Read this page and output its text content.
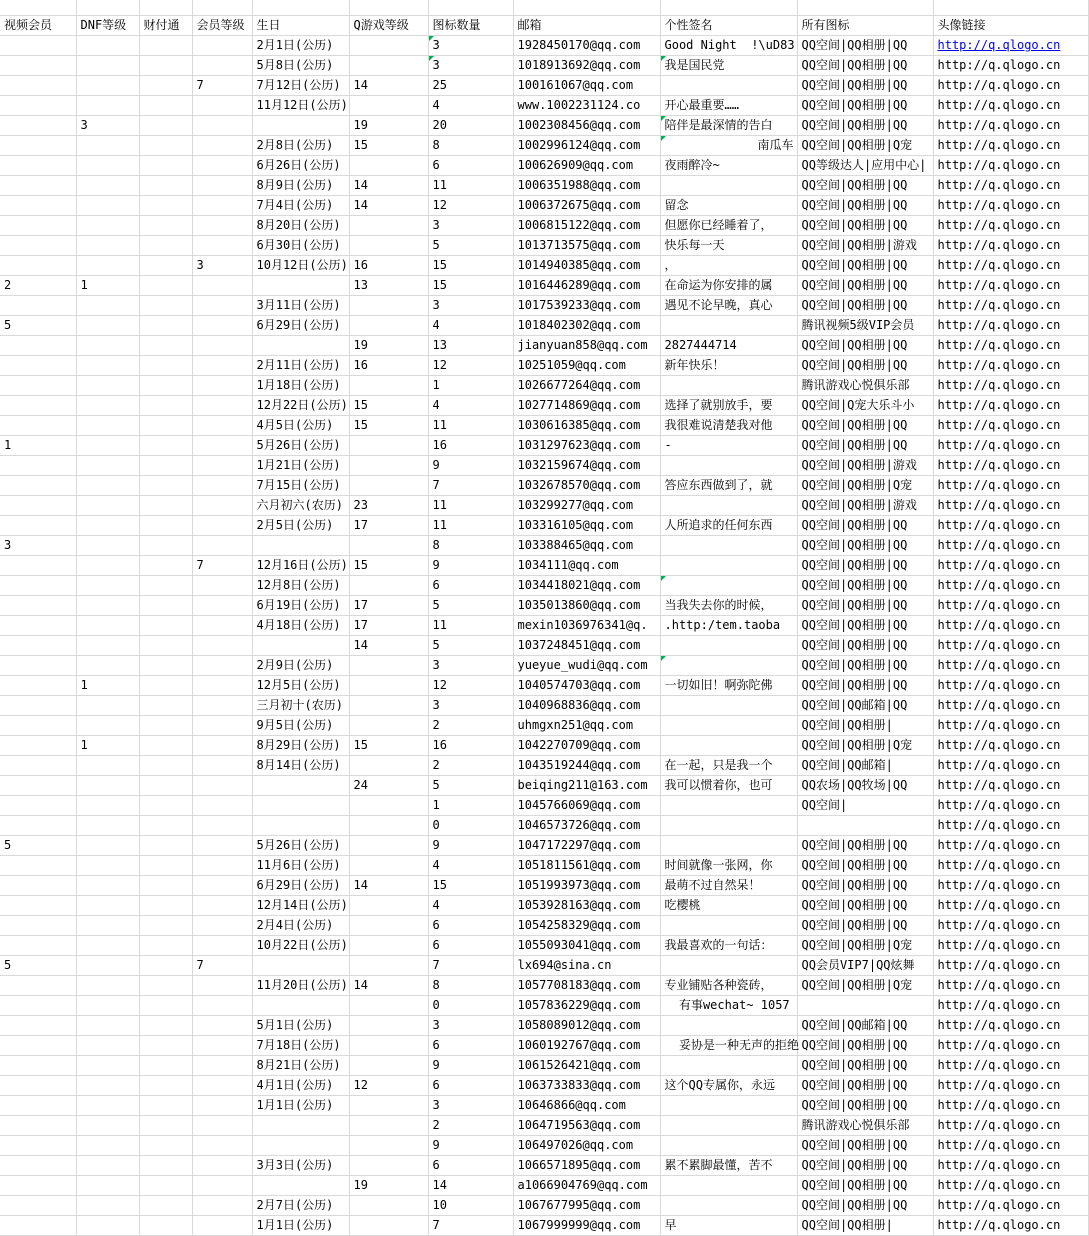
视频会员	DNF等级	财付通	会员等级	生日	Q游戏等级	图标数量	邮箱	个性签名	所有图标	头像链接
				2月1日(公历)		3	1928450170@qq.com	Good Night  !\uD83	QQ空间|QQ相册|QQ	http://q.qlogo.cn
				5月8日(公历)		3	1018913692@qq.com	我是国民党	QQ空间|QQ相册|QQ	http://q.qlogo.cn
			7	7月12日(公历)	14	25	100161067@qq.com		QQ空间|QQ相册|QQ	http://q.qlogo.cn
				11月12日(公历)		4	www.1002231124.co	开心最重要……	QQ空间|QQ相册|QQ	http://q.qlogo.cn
	3				19	20	1002308456@qq.com	陪伴是最深情的告白	QQ空间|QQ相册|QQ	http://q.qlogo.cn
				2月8日(公历)	15	8	1002996124@qq.com	南瓜车	QQ空间|QQ相册|Q宠	http://q.qlogo.cn
				6月26日(公历)		6	100626909@qq.com	夜雨醉冷~	QQ等级达人|应用中心|	http://q.qlogo.cn
				8月9日(公历)	14	11	1006351988@qq.com		QQ空间|QQ相册|QQ	http://q.qlogo.cn
				7月4日(公历)	14	12	1006372675@qq.com	留念	QQ空间|QQ相册|QQ	http://q.qlogo.cn
				8月20日(公历)		3	1006815122@qq.com	但愿你已经睡着了，	QQ空间|QQ相册|QQ	http://q.qlogo.cn
				6月30日(公历)		5	1013713575@qq.com	快乐每一天	QQ空间|QQ相册|游戏	http://q.qlogo.cn
			3	10月12日(公历)	16	15	1014940385@qq.com	，	QQ空间|QQ相册|QQ	http://q.qlogo.cn
2	1				13	15	1016446289@qq.com	在命运为你安排的属	QQ空间|QQ相册|QQ	http://q.qlogo.cn
				3月11日(公历)		3	1017539233@qq.com	遇见不论早晚，真心	QQ空间|QQ相册|QQ	http://q.qlogo.cn
5				6月29日(公历)		4	1018402302@qq.com		腾讯视频5级VIP会员	http://q.qlogo.cn
					19	13	jianyuan858@qq.com	2827444714	QQ空间|QQ相册|QQ	http://q.qlogo.cn
				2月11日(公历)	16	12	10251059@qq.com	新年快乐！	QQ空间|QQ相册|QQ	http://q.qlogo.cn
				1月18日(公历)		1	1026677264@qq.com		腾讯游戏心悦俱乐部	http://q.qlogo.cn
				12月22日(公历)	15	4	1027714869@qq.com	选择了就别放手，要	QQ空间|Q宠大乐斗小	http://q.qlogo.cn
				4月5日(公历)	15	11	1030616385@qq.com	我很难说清楚我对他	QQ空间|QQ相册|QQ	http://q.qlogo.cn
1				5月26日(公历)		16	1031297623@qq.com	-	QQ空间|QQ相册|QQ	http://q.qlogo.cn
				1月21日(公历)		9	1032159674@qq.com		QQ空间|QQ相册|游戏	http://q.qlogo.cn
				7月15日(公历)		7	1032678570@qq.com	答应东西做到了，就	QQ空间|QQ相册|Q宠	http://q.qlogo.cn
				六月初六(农历)	23	11	103299277@qq.com		QQ空间|QQ相册|游戏	http://q.qlogo.cn
				2月5日(公历)	17	11	103316105@qq.com	人所追求的任何东西	QQ空间|QQ相册|QQ	http://q.qlogo.cn
3						8	103388465@qq.com		QQ空间|QQ相册|QQ	http://q.qlogo.cn
			7	12月16日(公历)	15	9	1034111@qq.com		QQ空间|QQ相册|QQ	http://q.qlogo.cn
				12月8日(公历)		6	1034418021@qq.com		QQ空间|QQ相册|QQ	http://q.qlogo.cn
				6月19日(公历)	17	5	1035013860@qq.com	当我失去你的时候，	QQ空间|QQ相册|QQ	http://q.qlogo.cn
				4月18日(公历)	17	11	mexin1036976341@q.	.http:/tem.taoba	QQ空间|QQ相册|QQ	http://q.qlogo.cn
					14	5	1037248451@qq.com		QQ空间|QQ相册|QQ	http://q.qlogo.cn
				2月9日(公历)		3	yueyue_wudi@qq.com		QQ空间|QQ相册|QQ	http://q.qlogo.cn
	1			12月5日(公历)		12	1040574703@qq.com	一切如旧！啊弥陀佛	QQ空间|QQ相册|QQ	http://q.qlogo.cn
				三月初十(农历)		3	1040968836@qq.com		QQ空间|QQ邮箱|QQ	http://q.qlogo.cn
				9月5日(公历)		2	uhmgxn251@qq.com		QQ空间|QQ相册|	http://q.qlogo.cn
	1			8月29日(公历)	15	16	1042270709@qq.com		QQ空间|QQ相册|Q宠	http://q.qlogo.cn
				8月14日(公历)		2	1043519244@qq.com	在一起，只是我一个	QQ空间|QQ邮箱|	http://q.qlogo.cn
					24	5	beiqing211@163.com	我可以惯着你，也可	QQ农场|QQ牧场|QQ	http://q.qlogo.cn
						1	1045766069@qq.com		QQ空间|	http://q.qlogo.cn
						0	1046573726@qq.com			http://q.qlogo.cn
5				5月26日(公历)		9	1047172297@qq.com		QQ空间|QQ相册|QQ	http://q.qlogo.cn
				11月6日(公历)		4	1051811561@qq.com	时间就像一张网，你	QQ空间|QQ相册|QQ	http://q.qlogo.cn
				6月29日(公历)	14	15	1051993973@qq.com	最萌不过自然呆！	QQ空间|QQ相册|QQ	http://q.qlogo.cn
				12月14日(公历)		4	1053928163@qq.com	吃樱桃	QQ空间|QQ相册|QQ	http://q.qlogo.cn
				2月4日(公历)		6	1054258329@qq.com		QQ空间|QQ相册|QQ	http://q.qlogo.cn
				10月22日(公历)		6	1055093041@qq.com	我最喜欢的一句话：	QQ空间|QQ相册|Q宠	http://q.qlogo.cn
5			7			7	lx694@sina.cn		QQ会员VIP7|QQ炫舞	http://q.qlogo.cn
				11月20日(公历)	14	8	1057708183@qq.com	专业铺贴各种瓷砖，	QQ空间|QQ相册|Q宠	http://q.qlogo.cn
						0	1057836229@qq.com	有事wechat~ 1057		http://q.qlogo.cn
				5月1日(公历)		3	1058089012@qq.com		QQ空间|QQ邮箱|QQ	http://q.qlogo.cn
				7月18日(公历)		6	1060192767@qq.com	妥协是一种无声的拒绝	QQ空间|QQ相册|QQ	http://q.qlogo.cn
				8月21日(公历)		9	1061526421@qq.com		QQ空间|QQ相册|QQ	http://q.qlogo.cn
				4月1日(公历)	12	6	1063733833@qq.com	这个QQ专属你，永远	QQ空间|QQ相册|QQ	http://q.qlogo.cn
				1月1日(公历)		3	10646866@qq.com		QQ空间|QQ相册|QQ	http://q.qlogo.cn
						2	1064719563@qq.com		腾讯游戏心悦俱乐部	http://q.qlogo.cn
						9	106497026@qq.com		QQ空间|QQ相册|QQ	http://q.qlogo.cn
				3月3日(公历)		6	1066571895@qq.com	累不累脚最懂，苦不	QQ空间|QQ相册|QQ	http://q.qlogo.cn
					19	14	a1066904769@qq.com		QQ空间|QQ相册|QQ	http://q.qlogo.cn
				2月7日(公历)		10	1067677995@qq.com		QQ空间|QQ相册|QQ	http://q.qlogo.cn
				1月1日(公历)		7	1067999999@qq.com	早	QQ空间|QQ相册|	http://q.qlogo.cn
